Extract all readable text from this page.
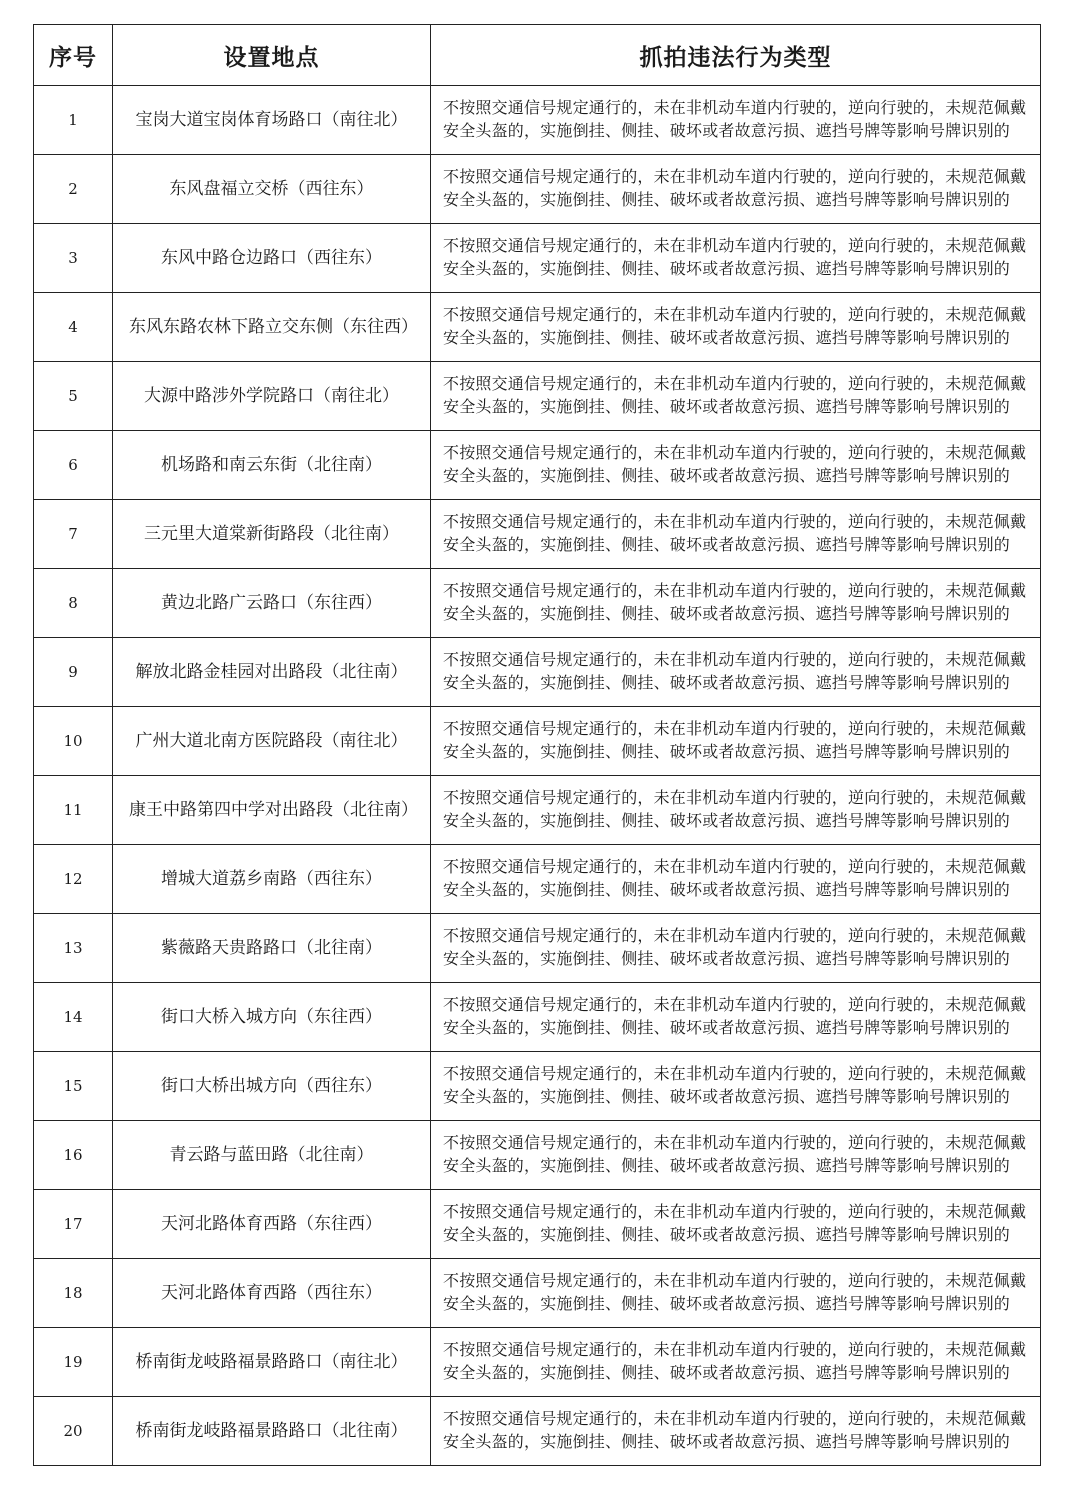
序号	设置地点	抓拍违法行为类型
1	宝岗大道宝岗体育场路口（南往北）	不按照交通信号规定通行的，未在非机动车道内行驶的，逆向行驶的，未规范佩戴安全头盔的，实施倒挂、侧挂、破坏或者故意污损、遮挡号牌等影响号牌识别的

2	东风盘福立交桥（西往东）	不按照交通信号规定通行的，未在非机动车道内行驶的，逆向行驶的，未规范佩戴安全头盔的，实施倒挂、侧挂、破坏或者故意污损、遮挡号牌等影响号牌识别的

3	东风中路仓边路口（西往东）	不按照交通信号规定通行的，未在非机动车道内行驶的，逆向行驶的，未规范佩戴安全头盔的，实施倒挂、侧挂、破坏或者故意污损、遮挡号牌等影响号牌识别的

4	东风东路农林下路立交东侧（东往西）	不按照交通信号规定通行的，未在非机动车道内行驶的，逆向行驶的，未规范佩戴安全头盔的，实施倒挂、侧挂、破坏或者故意污损、遮挡号牌等影响号牌识别的

5	大源中路涉外学院路口（南往北）	不按照交通信号规定通行的，未在非机动车道内行驶的，逆向行驶的，未规范佩戴安全头盔的，实施倒挂、侧挂、破坏或者故意污损、遮挡号牌等影响号牌识别的

6	机场路和南云东街（北往南）	不按照交通信号规定通行的，未在非机动车道内行驶的，逆向行驶的，未规范佩戴安全头盔的，实施倒挂、侧挂、破坏或者故意污损、遮挡号牌等影响号牌识别的

7	三元里大道棠新街路段（北往南）	不按照交通信号规定通行的，未在非机动车道内行驶的，逆向行驶的，未规范佩戴安全头盔的，实施倒挂、侧挂、破坏或者故意污损、遮挡号牌等影响号牌识别的

8	黄边北路广云路口（东往西）	不按照交通信号规定通行的，未在非机动车道内行驶的，逆向行驶的，未规范佩戴安全头盔的，实施倒挂、侧挂、破坏或者故意污损、遮挡号牌等影响号牌识别的

9	解放北路金桂园对出路段（北往南）	不按照交通信号规定通行的，未在非机动车道内行驶的，逆向行驶的，未规范佩戴安全头盔的，实施倒挂、侧挂、破坏或者故意污损、遮挡号牌等影响号牌识别的

10	广州大道北南方医院路段（南往北）	不按照交通信号规定通行的，未在非机动车道内行驶的，逆向行驶的，未规范佩戴安全头盔的，实施倒挂、侧挂、破坏或者故意污损、遮挡号牌等影响号牌识别的

11	康王中路第四中学对出路段（北往南）	不按照交通信号规定通行的，未在非机动车道内行驶的，逆向行驶的，未规范佩戴安全头盔的，实施倒挂、侧挂、破坏或者故意污损、遮挡号牌等影响号牌识别的

12	增城大道荔乡南路（西往东）	不按照交通信号规定通行的，未在非机动车道内行驶的，逆向行驶的，未规范佩戴安全头盔的，实施倒挂、侧挂、破坏或者故意污损、遮挡号牌等影响号牌识别的

13	紫薇路天贵路路口（北往南）	不按照交通信号规定通行的，未在非机动车道内行驶的，逆向行驶的，未规范佩戴安全头盔的，实施倒挂、侧挂、破坏或者故意污损、遮挡号牌等影响号牌识别的

14	街口大桥入城方向（东往西）	不按照交通信号规定通行的，未在非机动车道内行驶的，逆向行驶的，未规范佩戴安全头盔的，实施倒挂、侧挂、破坏或者故意污损、遮挡号牌等影响号牌识别的

15	街口大桥出城方向（西往东）	不按照交通信号规定通行的，未在非机动车道内行驶的，逆向行驶的，未规范佩戴安全头盔的，实施倒挂、侧挂、破坏或者故意污损、遮挡号牌等影响号牌识别的

16	青云路与蓝田路（北往南）	不按照交通信号规定通行的，未在非机动车道内行驶的，逆向行驶的，未规范佩戴安全头盔的，实施倒挂、侧挂、破坏或者故意污损、遮挡号牌等影响号牌识别的

17	天河北路体育西路（东往西）	不按照交通信号规定通行的，未在非机动车道内行驶的，逆向行驶的，未规范佩戴安全头盔的，实施倒挂、侧挂、破坏或者故意污损、遮挡号牌等影响号牌识别的

18	天河北路体育西路（西往东）	不按照交通信号规定通行的，未在非机动车道内行驶的，逆向行驶的，未规范佩戴安全头盔的，实施倒挂、侧挂、破坏或者故意污损、遮挡号牌等影响号牌识别的

19	桥南街龙岐路福景路路口（南往北）	不按照交通信号规定通行的，未在非机动车道内行驶的，逆向行驶的，未规范佩戴安全头盔的，实施倒挂、侧挂、破坏或者故意污损、遮挡号牌等影响号牌识别的

20	桥南街龙岐路福景路路口（北往南）	不按照交通信号规定通行的，未在非机动车道内行驶的，逆向行驶的，未规范佩戴安全头盔的，实施倒挂、侧挂、破坏或者故意污损、遮挡号牌等影响号牌识别的
